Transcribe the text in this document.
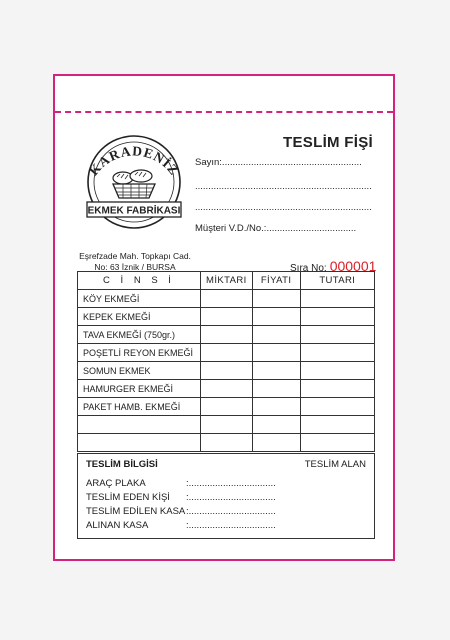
KARADENİZ
EKMEK FABRİKASI
Eşrefzade Mah. Topkapı Cad.
No: 63 İznik / BURSA
TESLİM FİŞİ
Sayın:.....................................................
...................................................................
...................................................................
Müşteri V.D./No.:..................................
Sıra No: 000001
C İ N S İ	MİKTARI	FİYATI	TUTARI
KÖY EKMEĞİ			
KEPEK EKMEĞİ			
TAVA EKMEĞİ (750gr.)			
POŞETLİ REYON EKMEĞİ			
SOMUN EKMEK			
HAMURGER EKMEĞİ			
PAKET HAMB. EKMEĞİ			

TESLİM BİLGİSİ	TESLİM ALAN
ARAÇ PLAKA	:.................................
TESLİM EDEN KİŞİ :.................................
TESLİM EDİLEN KASA:.................................
ALINAN KASA	:.................................
